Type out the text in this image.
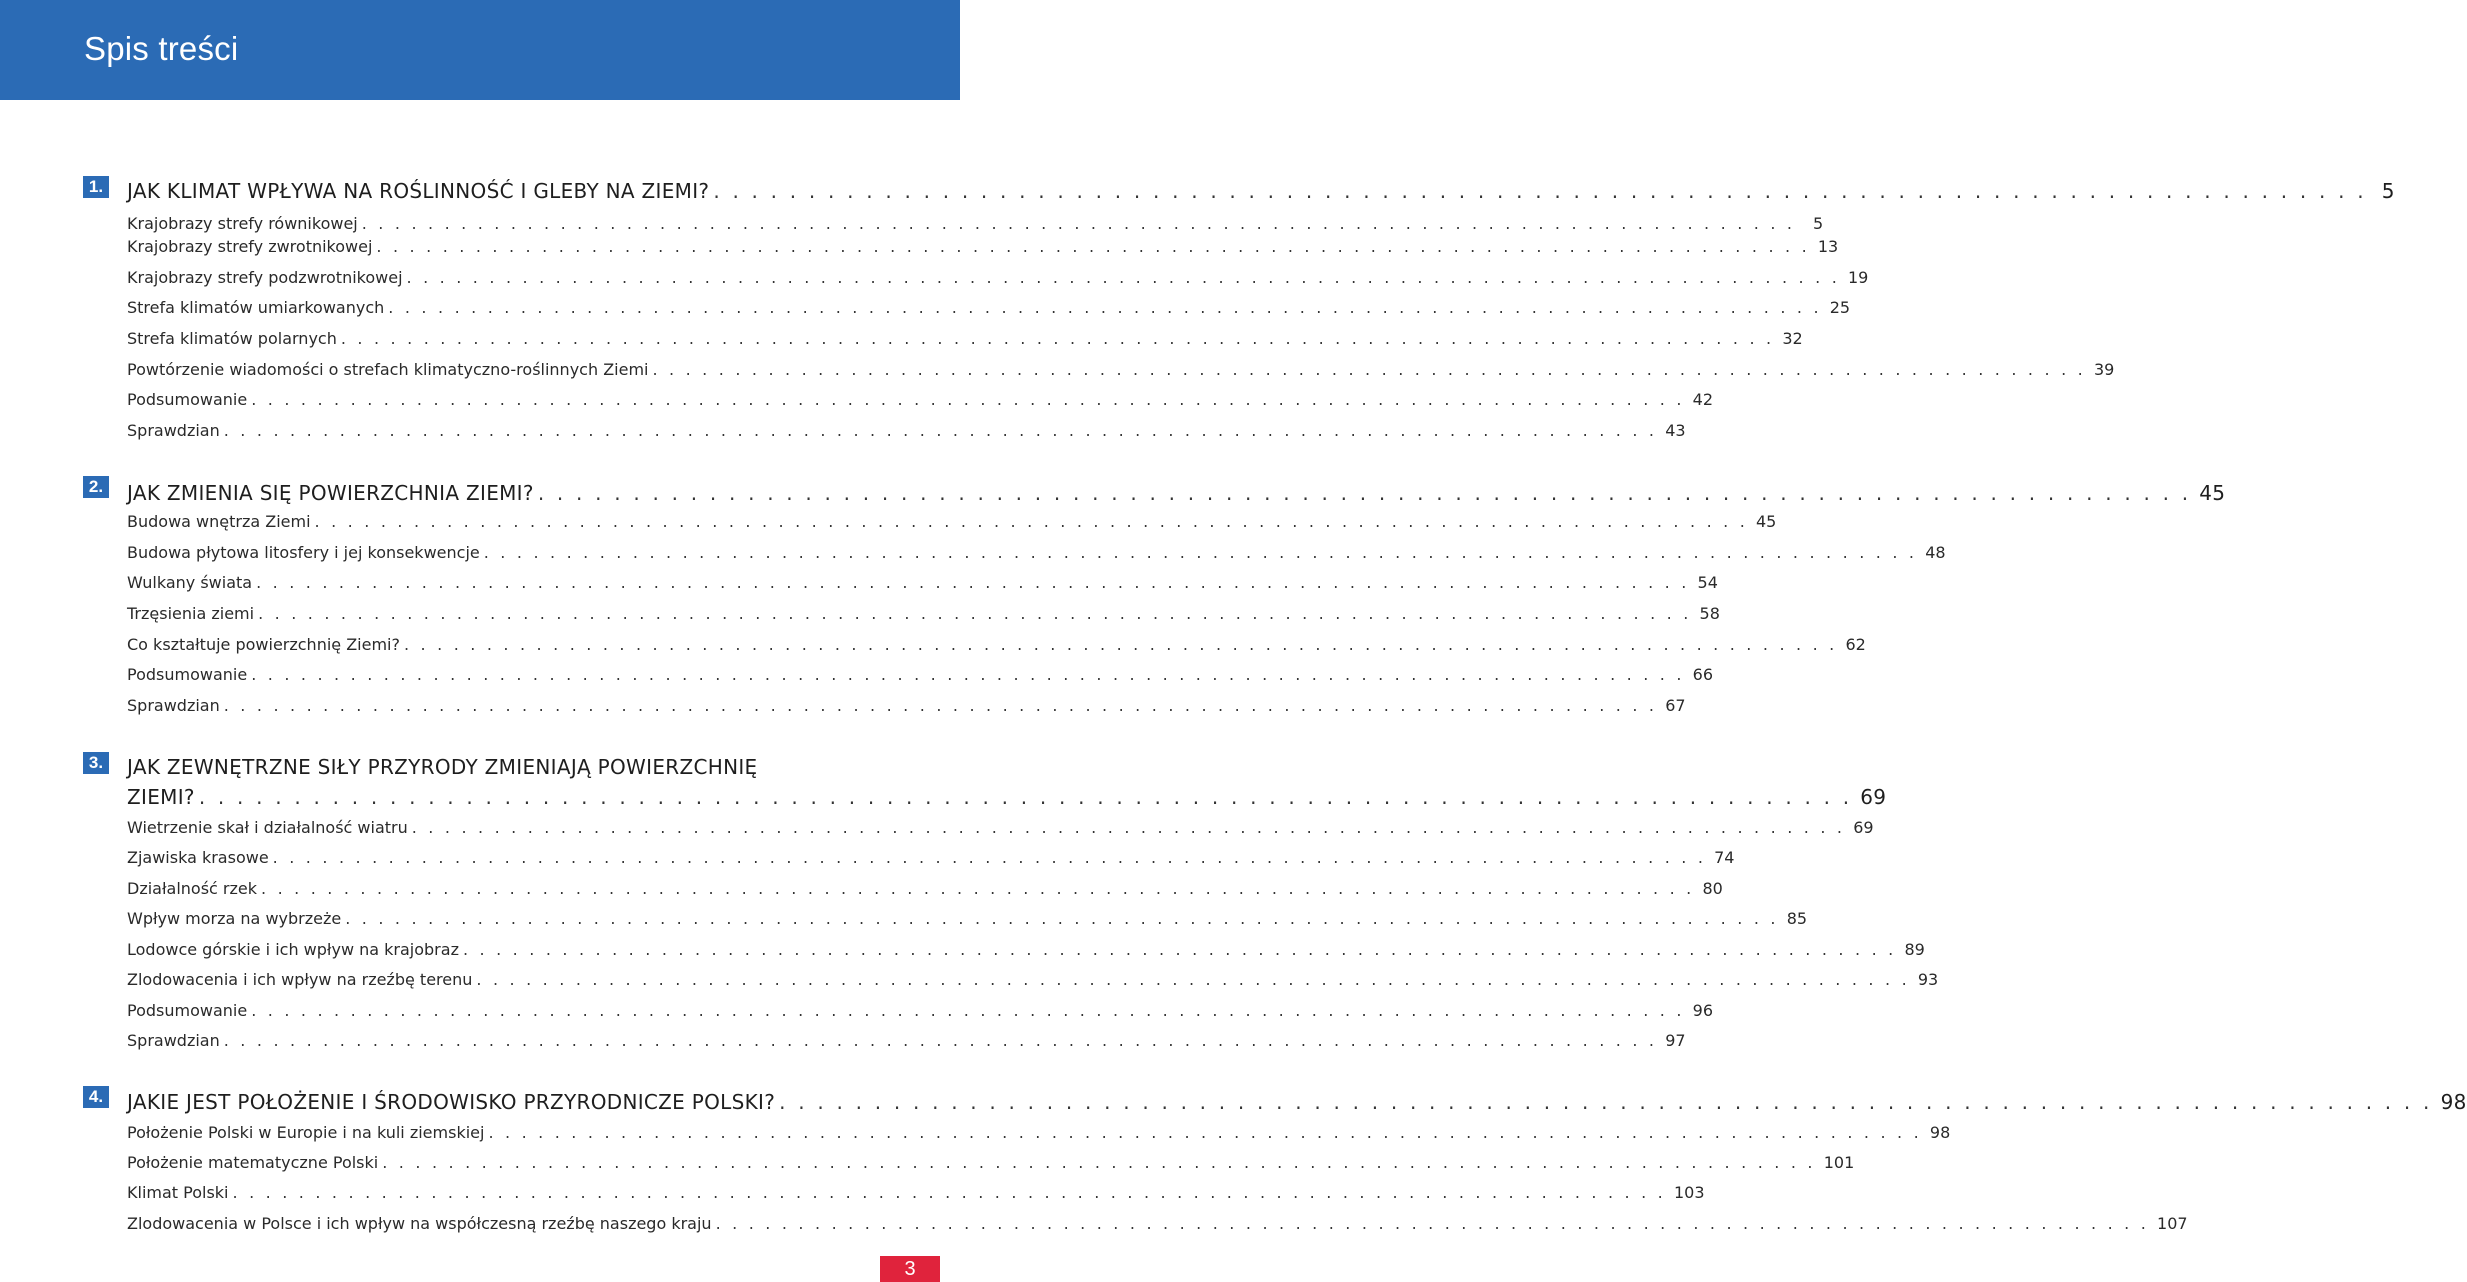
Spis treści
1. JAK KLIMAT WPŁYWA NA ROŚLINNOŚĆ I GLEBY NA ZIEMI? . . .	5
Krajobrazy strefy równikowej . . .	5
Krajobrazy strefy zwrotnikowej . . .	13
Krajobrazy strefy podzwrotnikowej . . .	19
Strefa klimatów umiarkowanych . . .	25
Strefa klimatów polarnych . . .	32
Powtórzenie wiadomości o strefach klimatyczno-roślinnych Ziemi . . .	39
Podsumowanie . . .	42
Sprawdzian . . .	43
2. JAK ZMIENIA SIĘ POWIERZCHNIA ZIEMI? . . .	45
Budowa wnętrza Ziemi . . .	45
Budowa płytowa litosfery i jej konsekwencje . . .	48
Wulkany świata . . .	54
Trzęsienia ziemi . . .	58
Co kształtuje powierzchnię Ziemi? . . .	62
Podsumowanie . . .	66
Sprawdzian . . .	67
3. JAK ZEWNĘTRZNE SIŁY PRZYRODY ZMIENIAJĄ POWIERZCHNIĘ
ZIEMI? . . .	69
Wietrzenie skał i działalność wiatru . . .	69
Zjawiska krasowe . . .	74
Działalność rzek . . .	80
Wpływ morza na wybrzeże . . .	85
Lodowce górskie i ich wpływ na krajobraz . . .	89
Zlodowacenia i ich wpływ na rzeźbę terenu . . .	93
Podsumowanie . . .	96
Sprawdzian . . .	97
4. JAKIE JEST POŁOŻENIE I ŚRODOWISKO PRZYRODNICZE POLSKI? . . .	98
Położenie Polski w Europie i na kuli ziemskiej . . .	98
Położenie matematyczne Polski . . .	101
Klimat Polski . . .	103
Zlodowacenia w Polsce i ich wpływ na współczesną rzeźbę naszego kraju . . .	107
3
